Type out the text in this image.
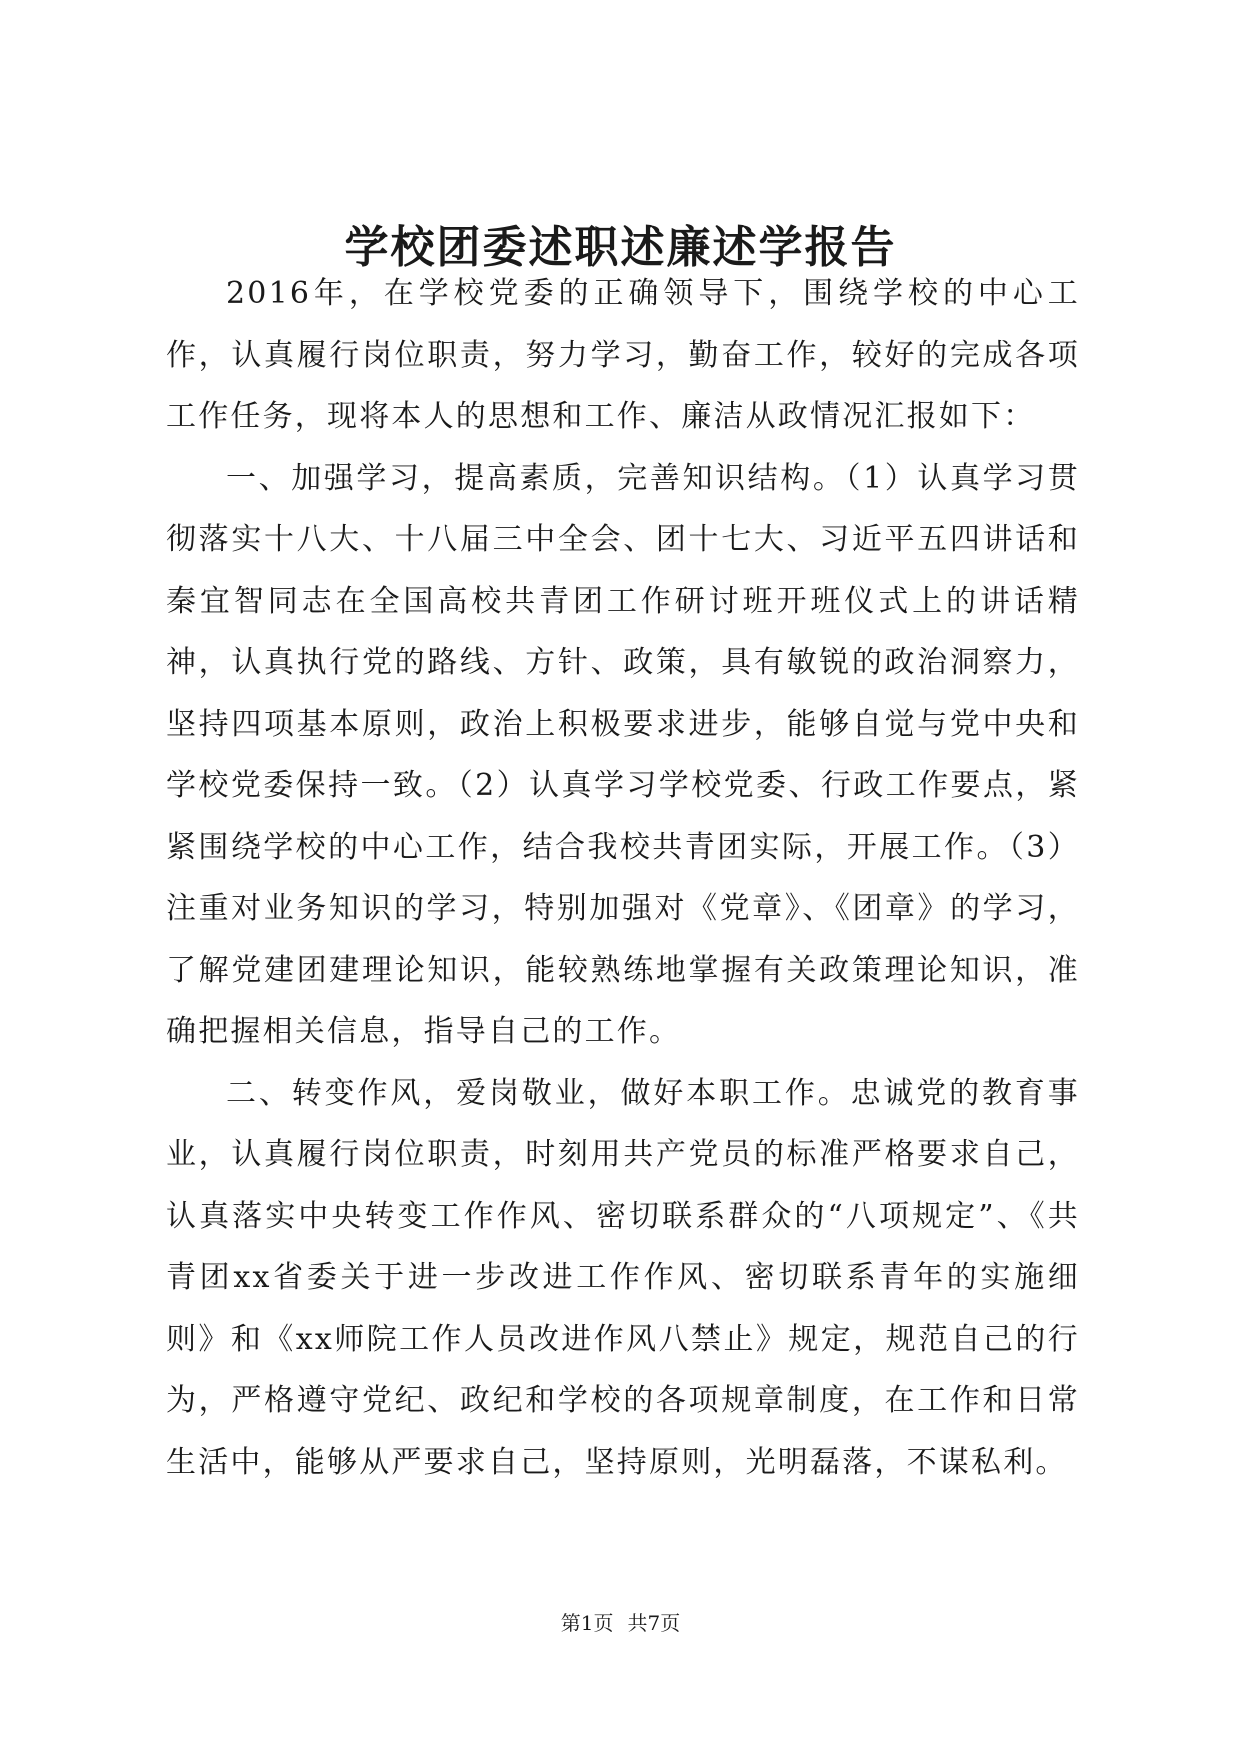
学校团委述职述廉述学报告

2016年，在学校党委的正确领导下，围绕学校的中心工作，认真履行岗位职责，努力学习，勤奋工作，较好的完成各项工作任务，现将本人的思想和工作、廉洁从政情况汇报如下：

一、加强学习，提高素质，完善知识结构。（1）认真学习贯彻落实十八大、十八届三中全会、团十七大、习近平五四讲话和秦宜智同志在全国高校共青团工作研讨班开班仪式上的讲话精神，认真执行党的路线、方针、政策，具有敏锐的政治洞察力，坚持四项基本原则，政治上积极要求进步，能够自觉与党中央和学校党委保持一致。（2）认真学习学校党委、行政工作要点，紧紧围绕学校的中心工作，结合我校共青团实际，开展工作。（3）注重对业务知识的学习，特别加强对《党章》、《团章》的学习，了解党建团建理论知识，能较熟练地掌握有关政策理论知识，准确把握相关信息，指导自己的工作。

二、转变作风，爱岗敬业，做好本职工作。忠诚党的教育事业，认真履行岗位职责，时刻用共产党员的标准严格要求自己，认真落实中央转变工作作风、密切联系群众的“八项规定”、《共青团xx省委关于进一步改进工作作风、密切联系青年的实施细则》和《xx师院工作人员改进作风八禁止》规定，规范自己的行为，严格遵守党纪、政纪和学校的各项规章制度，在工作和日常生活中，能够从严要求自己，坚持原则，光明磊落，不谋私利。

第1页 共7页
